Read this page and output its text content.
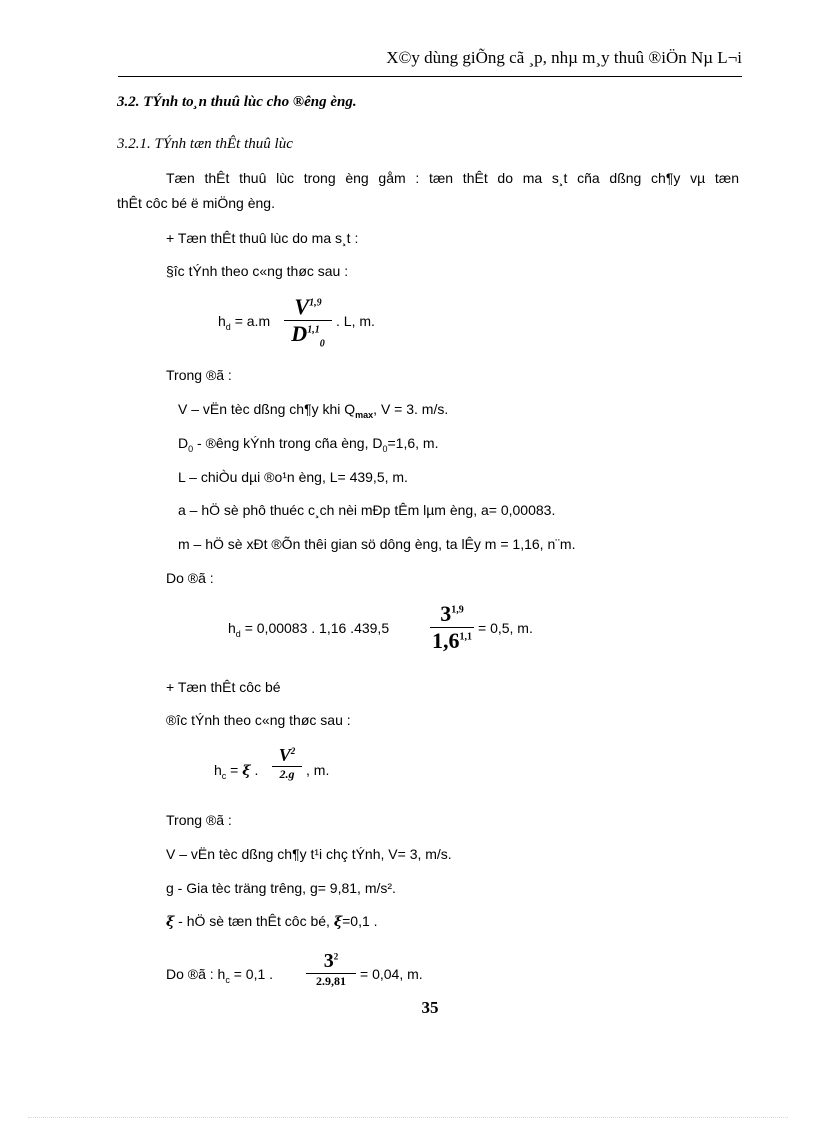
X©y dùng giÕng cã ¸p, nhµ m¸y thuû ®iÖn Nµ L¬i
3.2. TÝnh to¸n thuû lùc cho ®êng èng.
3.2.1. TÝnh tæn thÊt thuû lùc
Tæn thÊt thuû lùc trong èng gåm : tæn thÊt do ma s¸t cña dßng ch¶y vµ tæn
thÊt côc bé ë miÖng èng.
+ Tæn thÊt thuû lùc do ma s¸t :
§îc tÝnh theo c«ng thøc sau :
$h_d = a.m$
V$^{1,9}$
D$^{1,1}_0$
. L, m.
Trong ®ã :
V – vËn tèc dßng ch¶y khi $Q_{max}$, V = 3. m/s.
$D_0$ - ®êng kÝnh trong cña èng, $D_0=1,6$, m.
L – chiÒu dµi ®o¹n èng, L= 439,5, m.
a – hÖ sè phô thuéc c¸ch nèi mÐp tÊm lµm èng, a= 0,00083.
m – hÖ sè xÐt ®Õn thêi gian sö dông èng, ta lÊy m = 1,16, n¨m.
Do ®ã :
$h_d = 0,00083$ . 1,16 .439,5
3$^{1,9}$
$1,6^{1,1}$
= 0,5, m.
+ Tæn thÊt côc bé
®îc tÝnh theo c«ng thøc sau :
$h_c = \xi$ .
$V^2$
2.g , m.
Trong ®ã :
V – vËn tèc dßng ch¶y t¹i chç tÝnh, V= 3, m/s.
g - Gia tèc träng trêng, g= 9,81, m/s².
ξ - hÖ sè tæn thÊt côc bé, ξ=0,1 .
Do ®ã : $h_c = 0,1$ .
$3^2$
2.9,81	= 0,04, m.
35
